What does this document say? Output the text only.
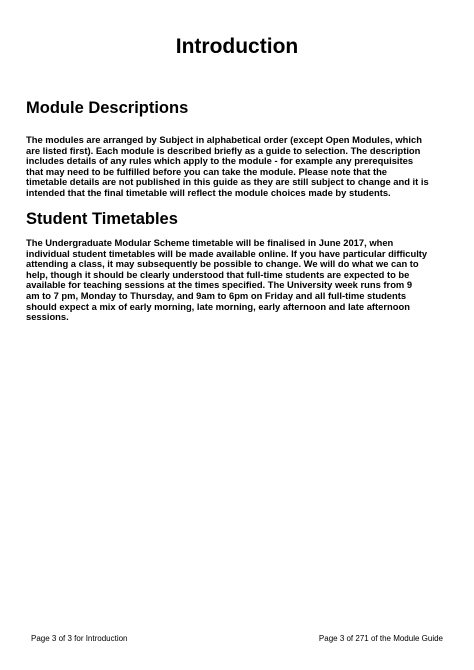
Introduction
Module Descriptions
The modules are arranged by Subject in alphabetical order (except Open Modules, which
are listed first). Each module is described briefly as a guide to selection. The description
includes details of any rules which apply to the module - for example any prerequisites
that may need to be fulfilled before you can take the module. Please note that the
timetable details are not published in this guide as they are still subject to change and it is
intended that the final timetable will reflect the module choices made by students.
Student Timetables
The Undergraduate Modular Scheme timetable will be finalised in June 2017, when
individual student timetables will be made available online. If you have particular difficulty
attending a class, it may subsequently be possible to change. We will do what we can to
help, though it should be clearly understood that full-time students are expected to be
available for teaching sessions at the times specified. The University week runs from 9
am to 7 pm, Monday to Thursday, and 9am to 6pm on Friday and all full-time students
should expect a mix of early morning, late morning, early afternoon and late afternoon
sessions.
Page 3 of 3 for Introduction	Page 3 of 271 of the Module Guide
